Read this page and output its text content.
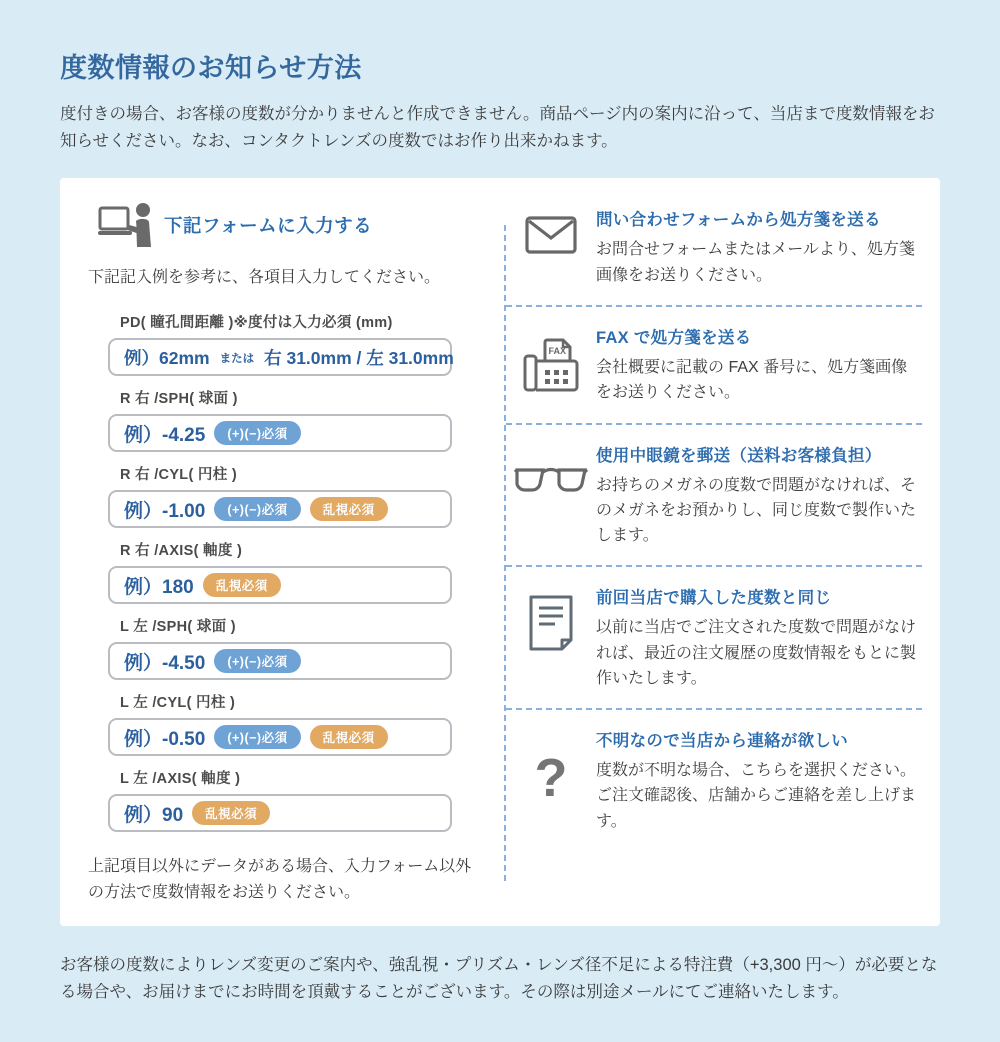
度数情報のお知らせ方法

度付きの場合、お客様の度数が分かりませんと作成できません。商品ページ内の案内に沿って、当店まで度数情報をお知らせください。なお、コンタクトレンズの度数ではお作り出来かねます。

下記フォームに入力する

下記記入例を参考に、各項目入力してください。

PD( 瞳孔間距離 )※度付は入力必須 (mm)
例）62mm または 右 31.0mm / 左 31.0mm
R 右 /SPH( 球面 )
例）-4.25	(+)(−)必須
R 右 /CYL( 円柱 )
例）-1.00	(+)(−)必須	乱視必須
R 右 /AXIS( 軸度 )
例）180	乱視必須
L 左 /SPH( 球面 )
例）-4.50	(+)(−)必須
L 左 /CYL( 円柱 )
例）-0.50	(+)(−)必須	乱視必須
L 左 /AXIS( 軸度 )
例）90	乱視必須

上記項目以外にデータがある場合、入力フォーム以外の方法で度数情報をお送りください。

問い合わせフォームから処方箋を送る

お問合せフォームまたはメールより、処方箋画像をお送りください。

FAX
FAX で処方箋を送る

会社概要に記載の FAX 番号に、処方箋画像をお送りください。

使用中眼鏡を郵送（送料お客様負担）

お持ちのメガネの度数で問題がなければ、そのメガネをお預かりし、同じ度数で製作いたします。

前回当店で購入した度数と同じ

以前に当店でご注文された度数で問題がなければ、最近の注文履歴の度数情報をもとに製作いたします。

?
不明なので当店から連絡が欲しい

度数が不明な場合、こちらを選択ください。ご注文確認後、店舗からご連絡を差し上げます。

お客様の度数によりレンズ変更のご案内や、強乱視・プリズム・レンズ径不足による特注費（+3,300 円〜）が必要となる場合や、お届けまでにお時間を頂戴することがございます。その際は別途メールにてご連絡いたします。
